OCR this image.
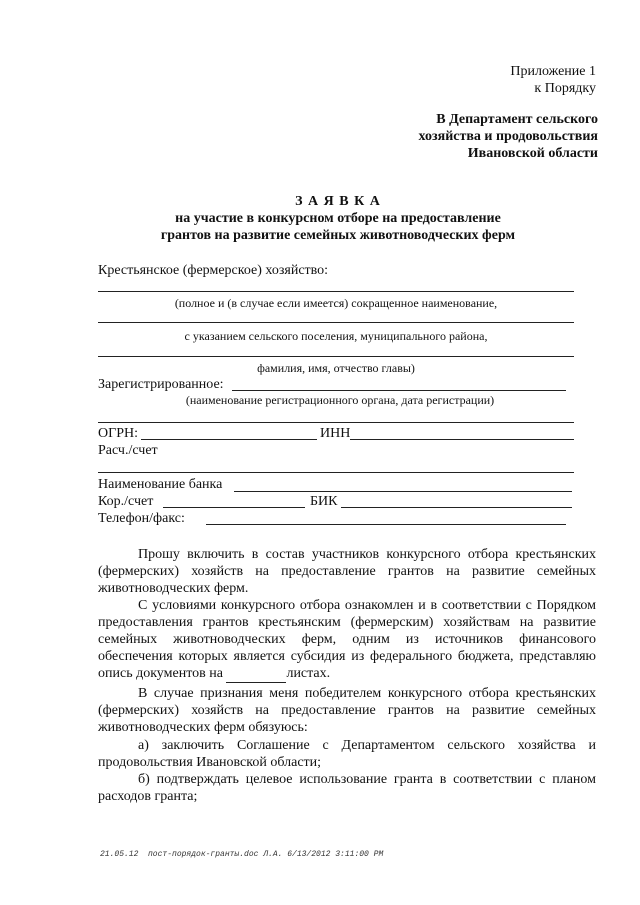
Приложение 1
к Порядку
В Департамент сельского
хозяйства и продовольствия
Ивановской области
З А Я В К А
на участие в конкурсном отборе на предоставление
грантов на развитие семейных животноводческих ферм
Крестьянское (фермерское) хозяйство:
(полное и (в случае если имеется) сокращенное наименование,
с указанием сельского поселения, муниципального района,
фамилия, имя, отчество главы)
Зарегистрированное:
(наименование регистрационного органа, дата регистрации)
ОГРН:	ИНН
Расч./счет
Наименование банка
Кор./счет	БИК
Телефон/факс:
Прошу включить в состав участников конкурсного отбора крестьянских (фермерских) хозяйств на предоставление грантов на развитие семейных животноводческих ферм.
С условиями конкурсного отбора ознакомлен и в соответствии с Порядком предоставления грантов крестьянским (фермерским) хозяйствам на развитие семейных животноводческих ферм, одним из источников финансового обеспечения которых является субсидия из федерального бюджета, представляю опись документов на	листах.
В случае признания меня победителем конкурсного отбора крестьянских (фермерских) хозяйств на предоставление грантов на развитие семейных животноводческих ферм обязуюсь:
а) заключить Соглашение с Департаментом сельского хозяйства и продовольствия Ивановской области;
б) подтверждать целевое использование гранта в соответствии с планом расходов гранта;
21.05.12  пост-порядок-гранты.doc Л.А. 6/13/2012 3:11:00 PM
